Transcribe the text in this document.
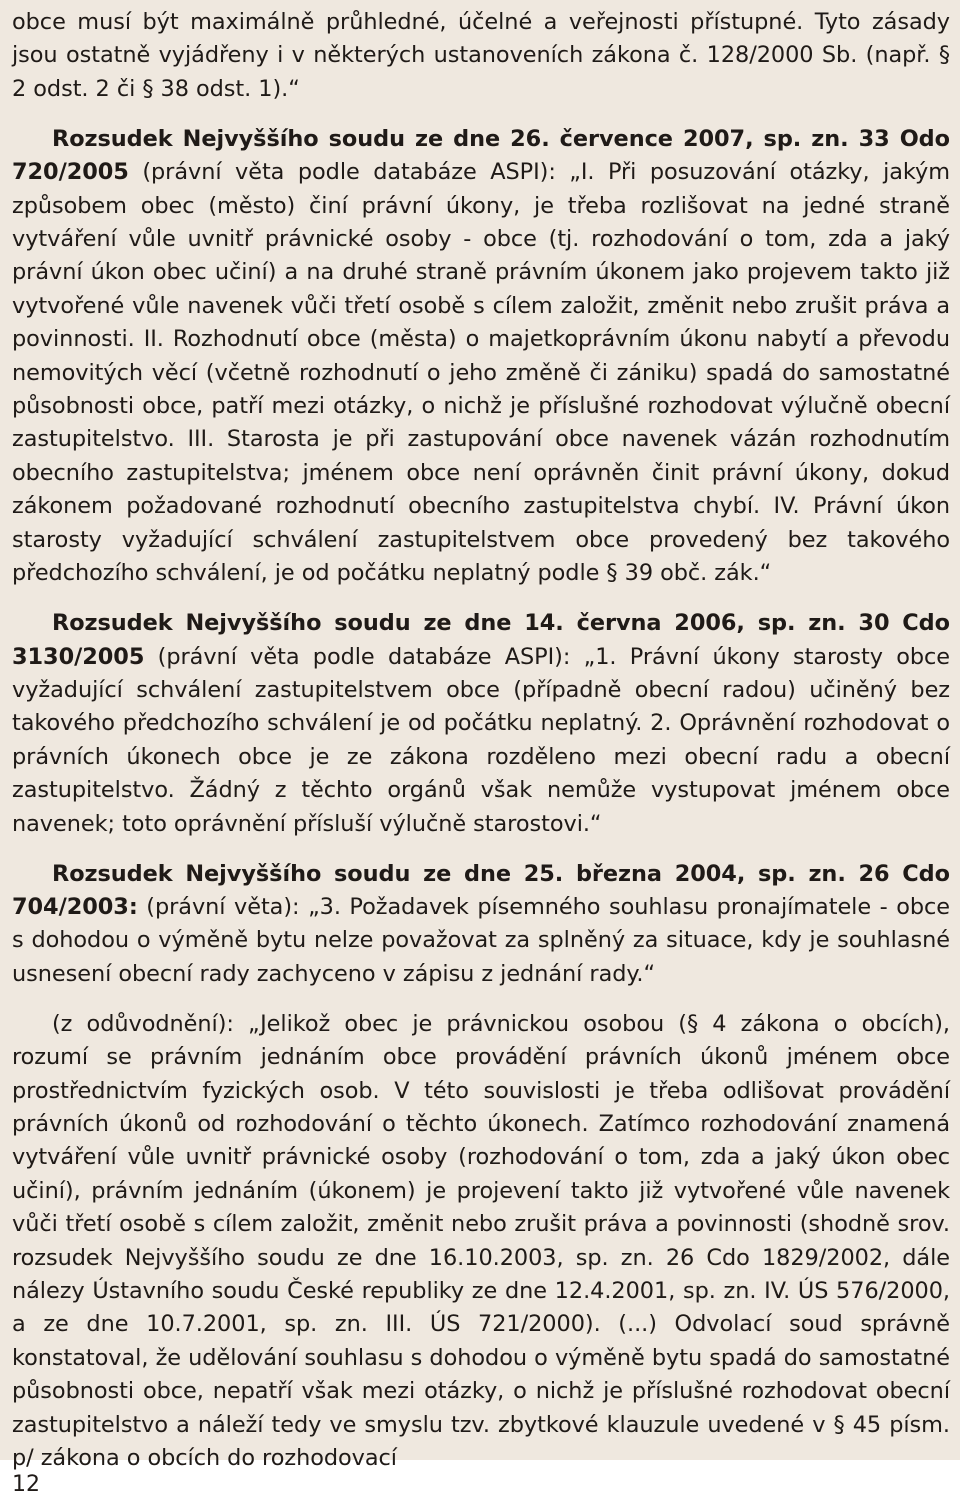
obce musí být maximálně průhledné, účelné a veřejnosti přístupné. Tyto zásady jsou ostatně vyjádřeny i v některých ustanoveních zákona č. 128/2000 Sb. (např. § 2 odst. 2 či § 38 odst. 1).“

Rozsudek Nejvyššího soudu ze dne 26. července 2007, sp. zn. 33 Odo 720/2005 (právní věta podle databáze ASPI): „I. Při posuzování otázky, jakým způsobem obec (město) činí právní úkony, je třeba rozlišovat na jedné straně vytváření vůle uvnitř právnické osoby - obce (tj. rozhodování o tom, zda a jaký právní úkon obec učiní) a na druhé straně právním úkonem jako projevem takto již vytvořené vůle navenek vůči třetí osobě s cílem založit, změnit nebo zrušit práva a povinnosti. II. Rozhodnutí obce (města) o majetkoprávním úkonu nabytí a převodu nemovitých věcí (včetně rozhodnutí o jeho změně či zániku) spadá do samostatné působnosti obce, patří mezi otázky, o nichž je příslušné rozhodovat výlučně obecní zastupitelstvo. III. Starosta je při zastupování obce navenek vázán rozhodnutím obecního zastupitelstva; jménem obce není oprávněn činit právní úkony, dokud zákonem požadované rozhodnutí obecního zastupitelstva chybí. IV. Právní úkon starosty vyžadující schválení zastupitelstvem obce provedený bez takového předchozího schválení, je od počátku neplatný podle § 39 obč. zák.“

Rozsudek Nejvyššího soudu ze dne 14. června 2006, sp. zn. 30 Cdo 3130/2005 (právní věta podle databáze ASPI): „1. Právní úkony starosty obce vyžadující schválení zastupitelstvem obce (případně obecní radou) učiněný bez takového předchozího schválení je od počátku neplatný. 2. Oprávnění rozhodovat o právních úkonech obce je ze zákona rozděleno mezi obecní radu a obecní zastupitelstvo. Žádný z těchto orgánů však nemůže vystupovat jménem obce navenek; toto oprávnění přísluší výlučně starostovi.“

Rozsudek Nejvyššího soudu ze dne 25. března 2004, sp. zn. 26 Cdo 704/2003: (právní věta): „3. Požadavek písemného souhlasu pronajímatele - obce s dohodou o výměně bytu nelze považovat za splněný za situace, kdy je souhlasné usnesení obecní rady zachyceno v zápisu z jednání rady.“

(z odůvodnění): „Jelikož obec je právnickou osobou (§ 4 zákona o obcích), rozumí se právním jednáním obce provádění právních úkonů jménem obce prostřednictvím fyzických osob. V této souvislosti je třeba odlišovat provádění právních úkonů od rozhodování o těchto úkonech. Zatímco rozhodování znamená vytváření vůle uvnitř právnické osoby (rozhodování o tom, zda a jaký úkon obec učiní), právním jednáním (úkonem) je projevení takto již vytvořené vůle navenek vůči třetí osobě s cílem založit, změnit nebo zrušit práva a povinnosti (shodně srov. rozsudek Nejvyššího soudu ze dne 16.10.2003, sp. zn. 26 Cdo 1829/2002, dále nálezy Ústavního soudu České republiky ze dne 12.4.2001, sp. zn. IV. ÚS 576/2000, a ze dne 10.7.2001, sp. zn. III. ÚS 721/2000). (...) Odvolací soud správně konstatoval, že udělování souhlasu s dohodou o výměně bytu spadá do samostatné působnosti obce, nepatří však mezi otázky, o nichž je příslušné rozhodovat obecní zastupitelstvo a náleží tedy ve smyslu tzv. zbytkové klauzule uvedené v § 45 písm. p/ zákona o obcích do rozhodovací

12
